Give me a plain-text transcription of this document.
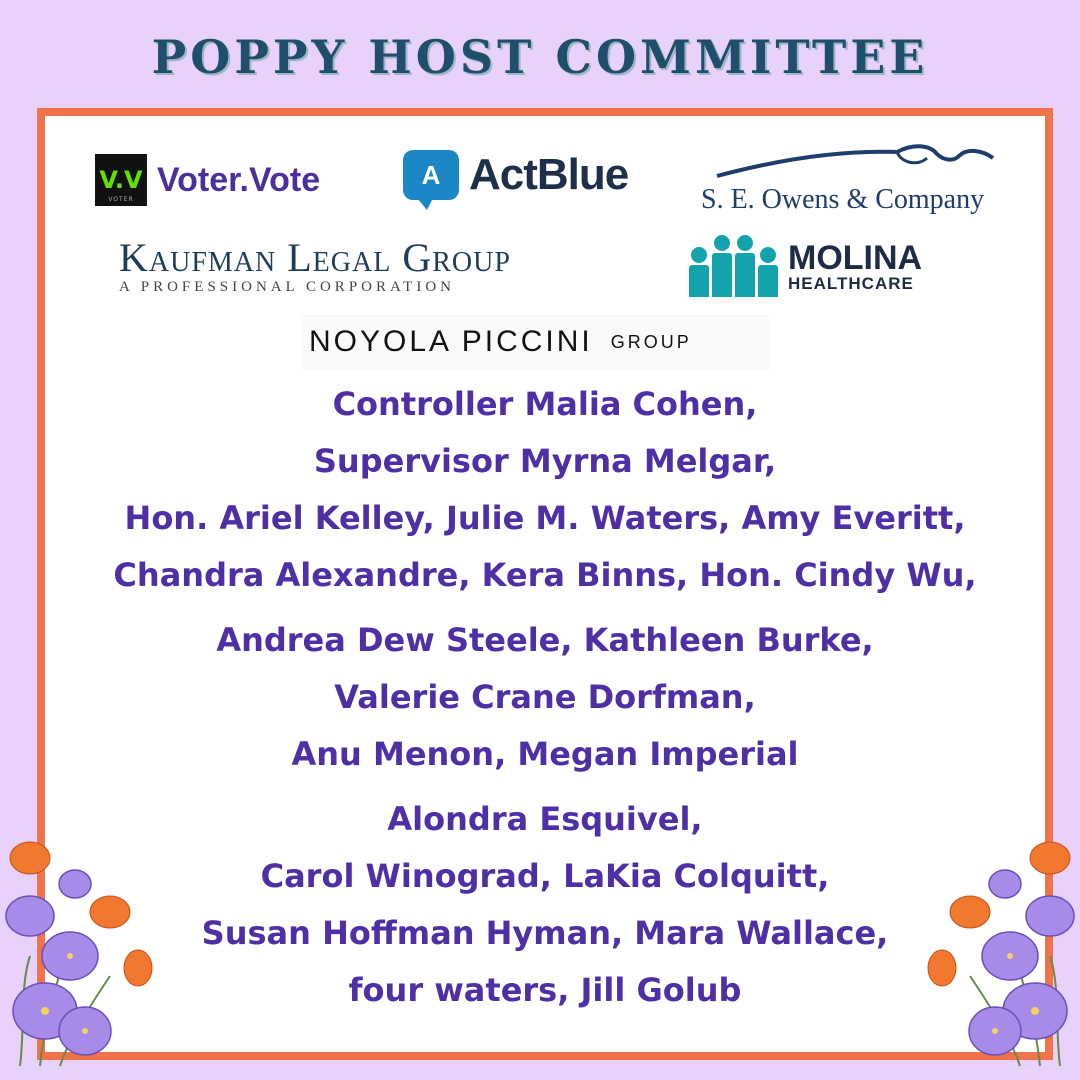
POPPY HOST COMMITTEE
V.V
VOTER
Voter.Vote	A ActBlue
S. E. Owens & Company
Kaufman Legal Group
A PROFESSIONAL CORPORATION
MOLINA
HEALTHCARE
NOYOLA PICCINI GROUP
Controller Malia Cohen,
Supervisor Myrna Melgar,
Hon. Ariel Kelley, Julie M. Waters, Amy Everitt,
Chandra Alexandre, Kera Binns, Hon. Cindy Wu,
Andrea Dew Steele, Kathleen Burke,
Valerie Crane Dorfman,
Anu Menon, Megan Imperial
Alondra Esquivel,
Carol Winograd, LaKia Colquitt,
Susan Hoffman Hyman, Mara Wallace,
four waters, Jill Golub
